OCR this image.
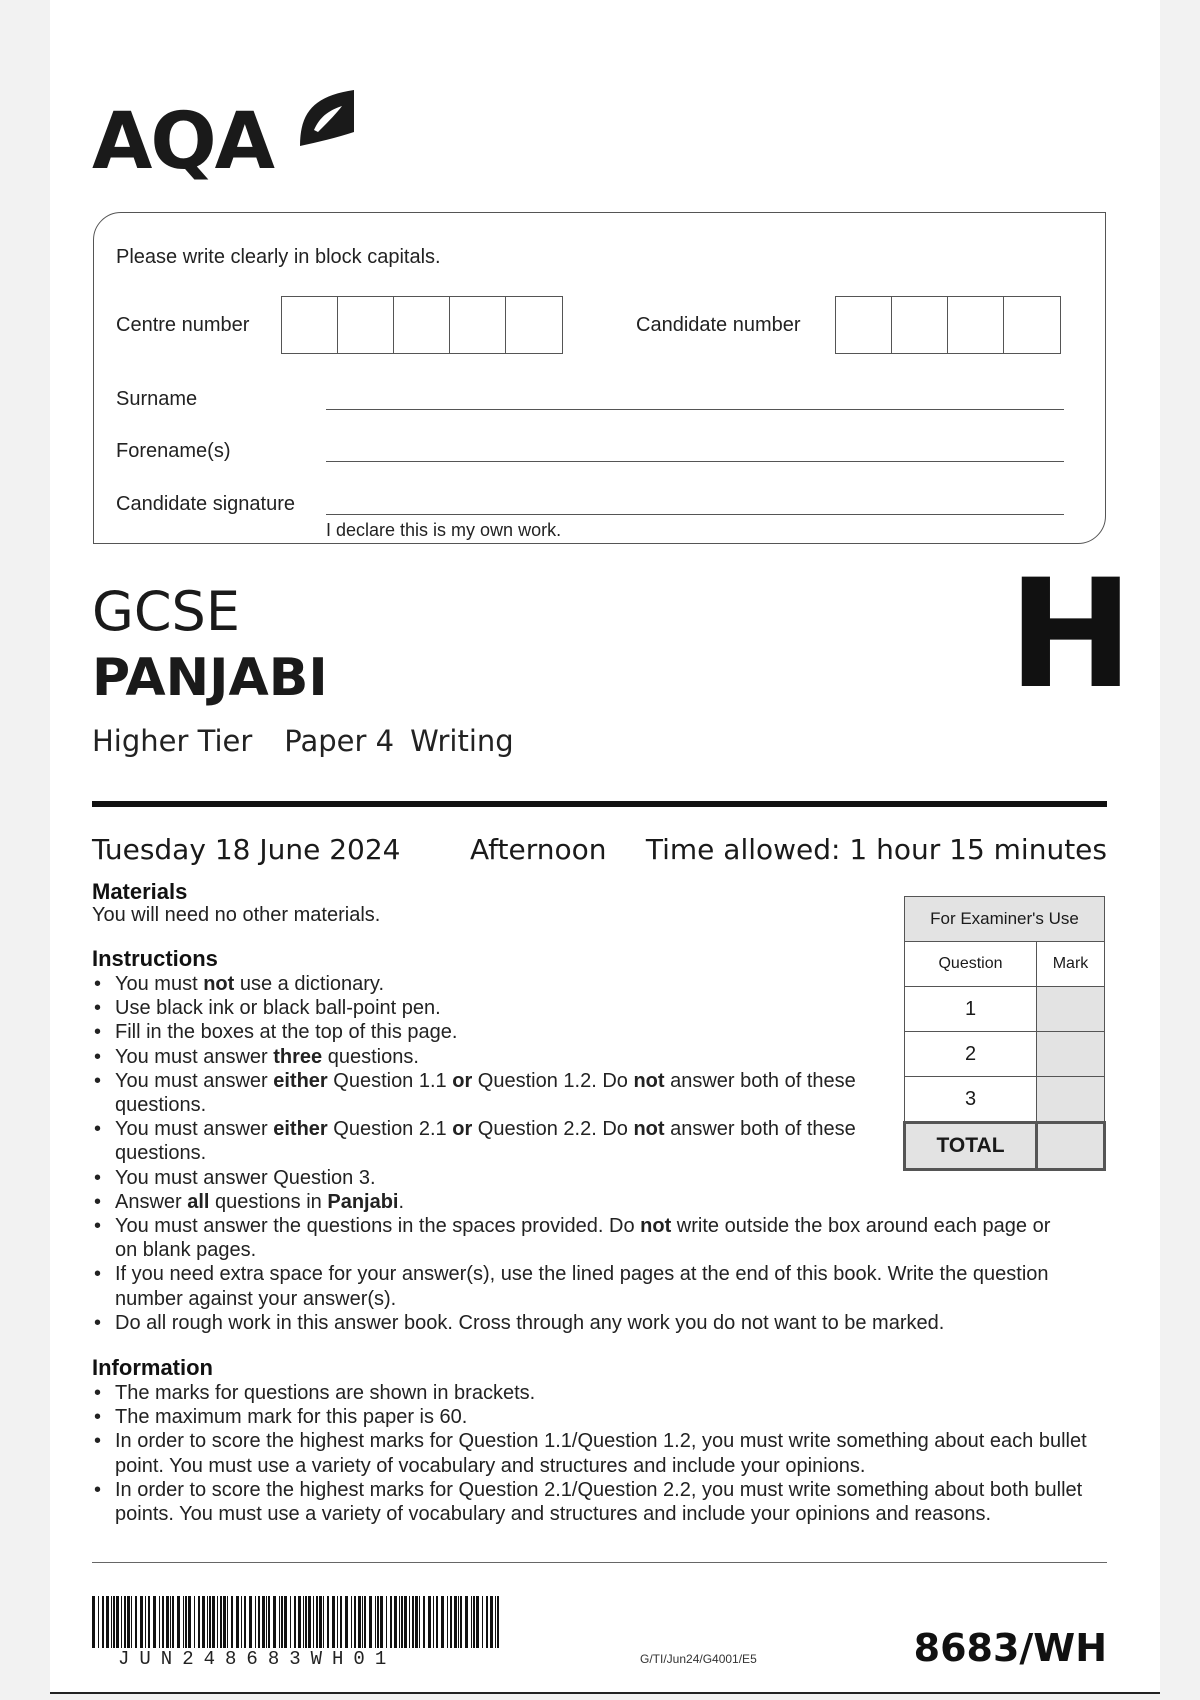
AQA
Please write clearly in block capitals.
Centre number	Candidate number
Surname
Forename(s)
Candidate signature
I declare this is my own work.
GCSE
PANJABI	H
Higher Tier Paper 4 Writing
Tuesday 18 June 2024 Afternoon Time allowed: 1 hour 15 minutes
Materials
You will need no other materials.	For Examiner's Use	
Question	Mark
1	
2	
3	
TOTAL	
Instructions
• You must not use a dictionary.
• Use black ink or black ball-point pen.
• Fill in the boxes at the top of this page.
• You must answer three questions.
• You must answer either Question 1.1 or Question 1.2. Do not answer both of these questions.
• You must answer either Question 2.1 or Question 2.2. Do not answer both of these questions.
• You must answer Question 3.
• Answer all questions in Panjabi.
• You must answer the questions in the spaces provided. Do not write outside the box around each page or on blank pages.
• If you need extra space for your answer(s), use the lined pages at the end of this book. Write the question number against your answer(s).
• Do all rough work in this answer book. Cross through any work you do not want to be marked.
Information
• The marks for questions are shown in brackets.
• The maximum mark for this paper is 60.
• In order to score the highest marks for Question 1.1/Question 1.2, you must write something about each bullet point. You must use a variety of vocabulary and structures and include your opinions.
• In order to score the highest marks for Question 2.1/Question 2.2, you must write something about both bullet points. You must use a variety of vocabulary and structures and include your opinions and reasons.
JUN248683WH01	G/TI/Jun24/G4001/E5	8683/WH
